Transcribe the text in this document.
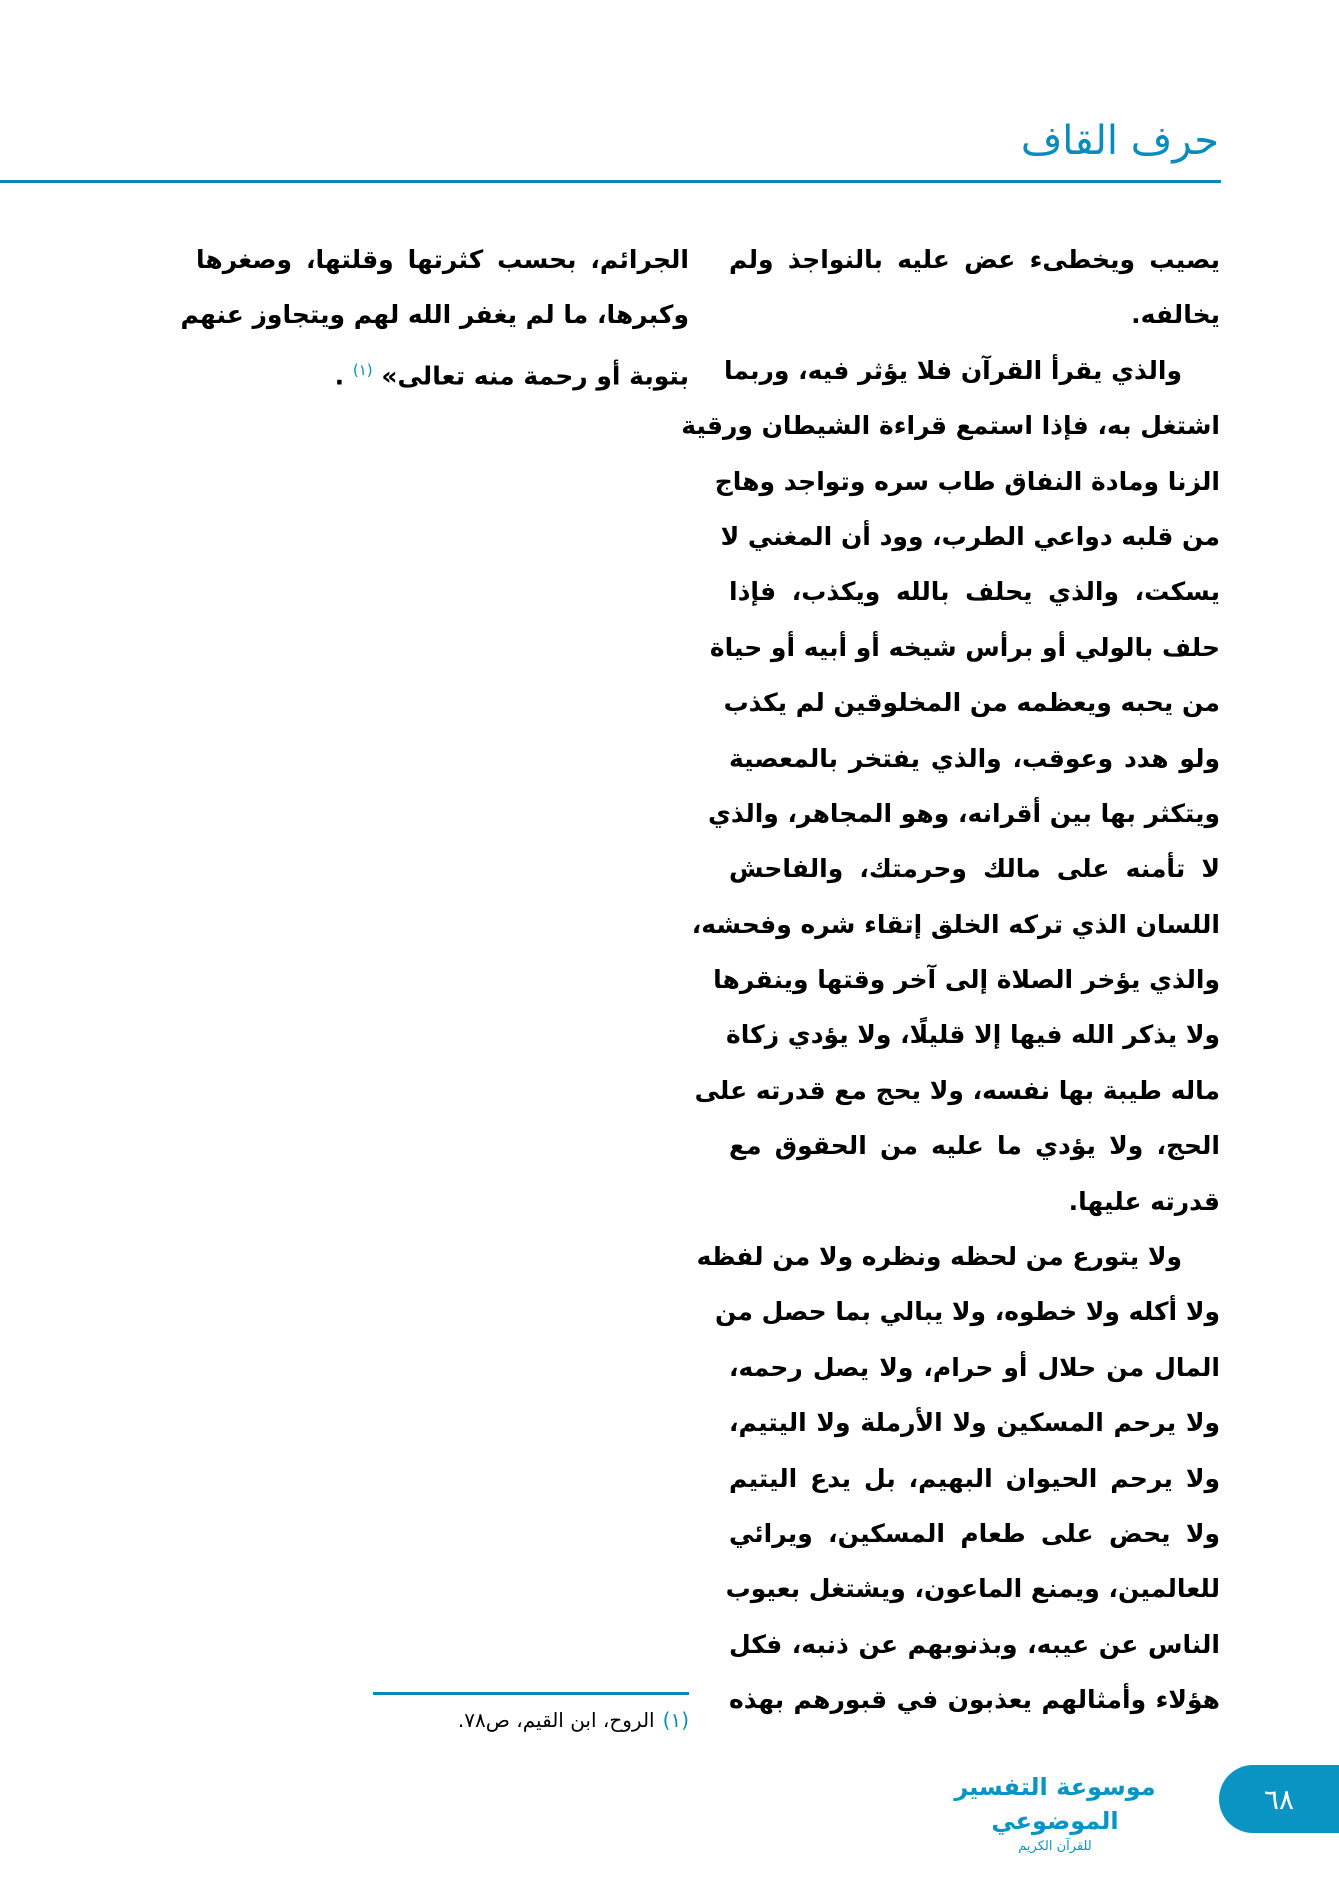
حرف القاف
يصيب ويخطىء عض عليه بالنواجذ ولم
يخالفه.
والذي يقرأ القرآن فلا يؤثر فيه، وربما
اشتغل به، فإذا استمع قراءة الشيطان ورقية
الزنا ومادة النفاق طاب سره وتواجد وهاج
من قلبه دواعي الطرب، وود أن المغني لا
يسكت، والذي يحلف بالله ويكذب، فإذا
حلف بالولي أو برأس شيخه أو أبيه أو حياة
من يحبه ويعظمه من المخلوقين لم يكذب
ولو هدد وعوقب، والذي يفتخر بالمعصية
ويتكثر بها بين أقرانه، وهو المجاهر، والذي
لا تأمنه على مالك وحرمتك، والفاحش
اللسان الذي تركه الخلق إتقاء شره وفحشه،
والذي يؤخر الصلاة إلى آخر وقتها وينقرها
ولا يذكر الله فيها إلا قليلًا، ولا يؤدي زكاة
ماله طيبة بها نفسه، ولا يحج مع قدرته على
الحج، ولا يؤدي ما عليه من الحقوق مع
قدرته عليها.
ولا يتورع من لحظه ونظره ولا من لفظه
ولا أكله ولا خطوه، ولا يبالي بما حصل من
المال من حلال أو حرام، ولا يصل رحمه،
ولا يرحم المسكين ولا الأرملة ولا اليتيم،
ولا يرحم الحيوان البهيم، بل يدع اليتيم
ولا يحض على طعام المسكين، ويرائي
للعالمين، ويمنع الماعون، ويشتغل بعيوب
الناس عن عيبه، وبذنوبهم عن ذنبه، فكل
هؤلاء وأمثالهم يعذبون في قبورهم بهذه
الجرائم، بحسب كثرتها وقلتها، وصغرها
وكبرها، ما لم يغفر الله لهم ويتجاوز عنهم
بتوبة أو رحمة منه تعالى» $^{(١)}$ .
(١)الروح، ابن القيم، ص٧٨.
موسوعة التفسير الموضوعي
للقرآن الكريم
٦٨
